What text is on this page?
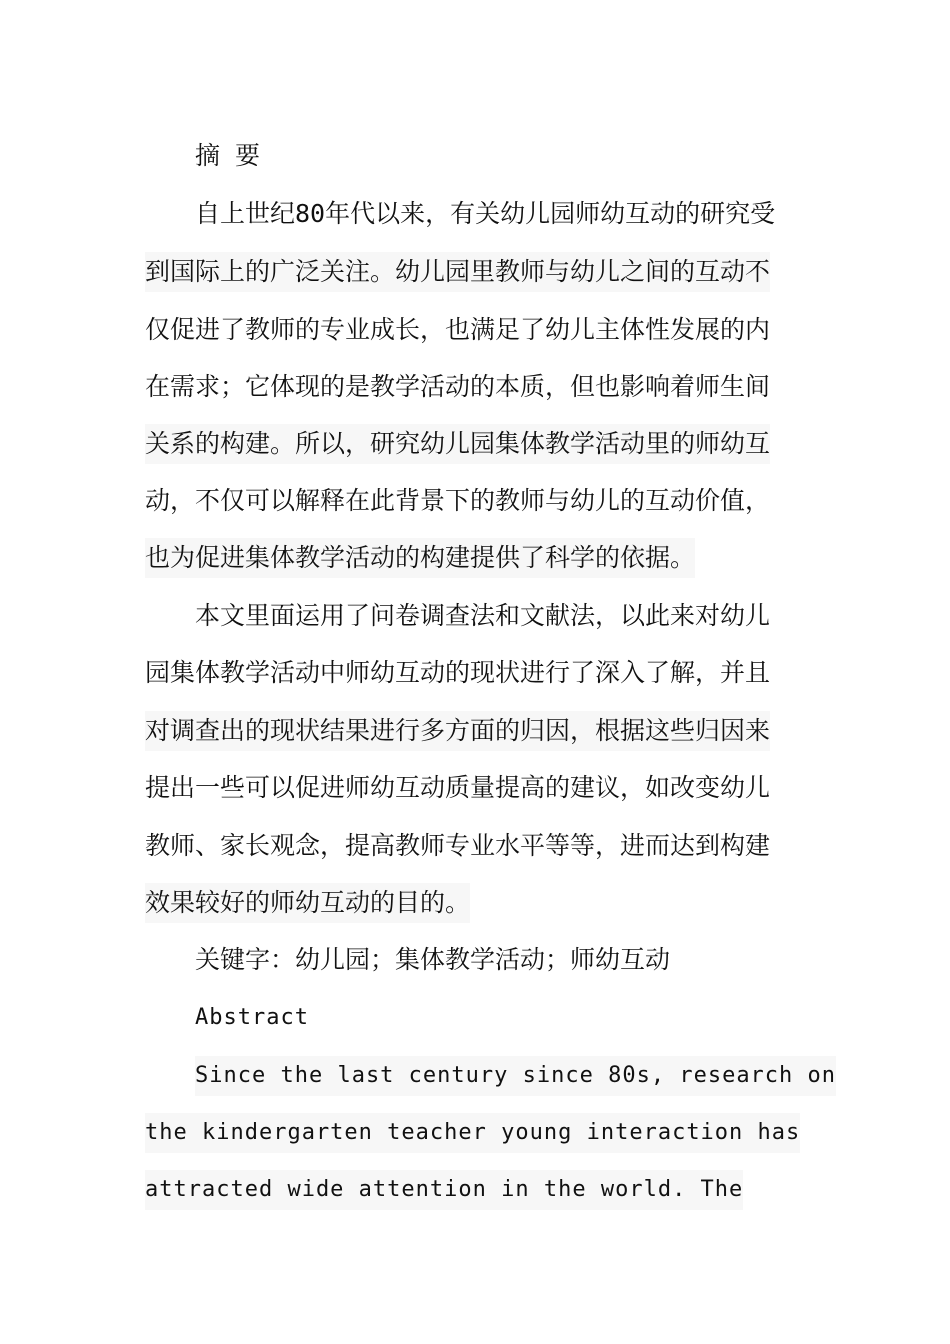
摘 要
自上世纪80年代以来，有关幼儿园师幼互动的研究受
到国际上的广泛关注。幼儿园里教师与幼儿之间的互动不
仅促进了教师的专业成长，也满足了幼儿主体性发展的内
在需求；它体现的是教学活动的本质，但也影响着师生间
关系的构建。所以，研究幼儿园集体教学活动里的师幼互
动，不仅可以解释在此背景下的教师与幼儿的互动价值，
也为促进集体教学活动的构建提供了科学的依据。
本文里面运用了问卷调查法和文献法，以此来对幼儿
园集体教学活动中师幼互动的现状进行了深入了解，并且
对调查出的现状结果进行多方面的归因，根据这些归因来
提出一些可以促进师幼互动质量提高的建议，如改变幼儿
教师、家长观念，提高教师专业水平等等，进而达到构建
效果较好的师幼互动的目的。
关键字：幼儿园；集体教学活动；师幼互动
Abstract
Since the last century since 80s, research on
the kindergarten teacher young interaction has
attracted wide attention in the world. The
